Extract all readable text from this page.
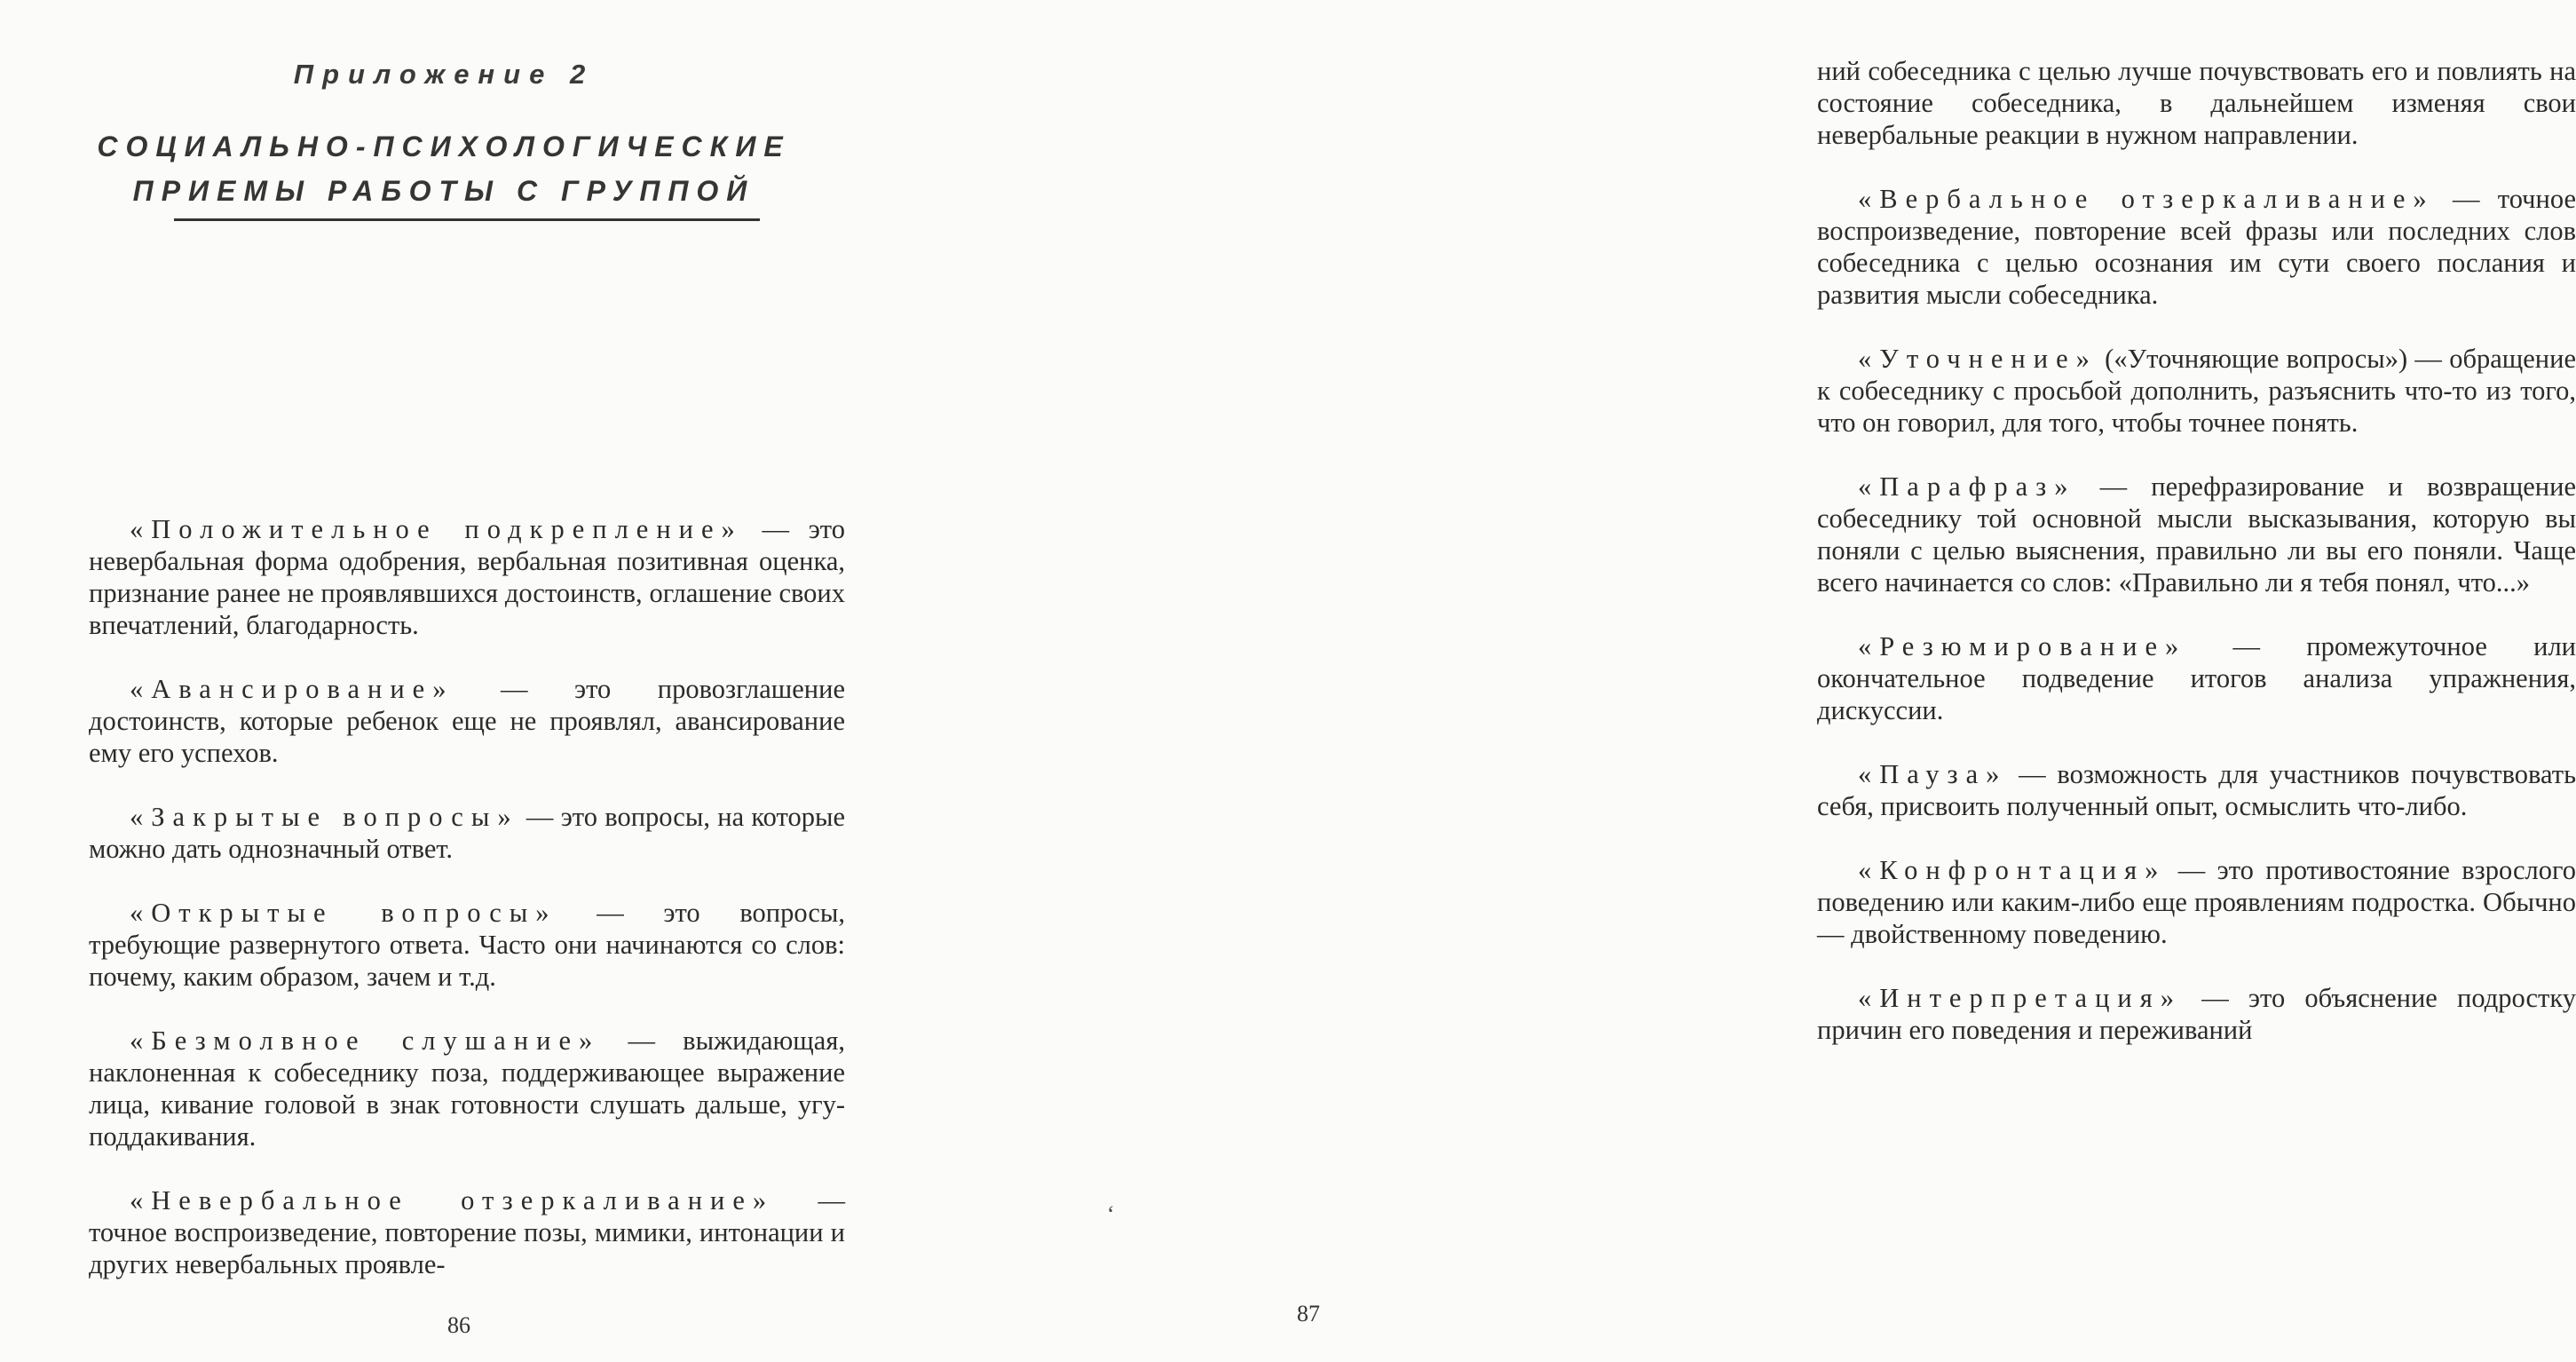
Приложение 2
СОЦИАЛЬНО-ПСИХОЛОГИЧЕСКИЕ
ПРИЕМЫ РАБОТЫ С ГРУППОЙ

«Положительное подкрепление» — это невербальная форма одобрения, вербальная позитивная оценка, признание ранее не проявлявшихся достоинств, оглашение своих впечатлений, благодарность.

«Авансирование» — это провозглашение достоинств, которые ребенок еще не проявлял, авансирование ему его успехов.

«Закрытые вопросы» — это вопросы, на которые можно дать однозначный ответ.

«Открытые вопросы» — это вопросы, требующие развернутого ответа. Часто они начинаются со слов: почему, каким образом, зачем и т.д.

«Безмолвное слушание» — выжидающая, наклоненная к собеседнику поза, поддерживающее выражение лица, кивание головой в знак готовности слушать дальше, угу-поддакивания.

«Невербальное отзеркаливание» — точное воспроизведение, повторение позы, мимики, интонации и других невербальных проявле-

86

ний собеседника с целью лучше почувствовать его и повлиять на состояние собеседника, в дальнейшем изменяя свои невербальные реакции в нужном направлении.

«Вербальное отзеркаливание» — точное воспроизведение, повторение всей фразы или последних слов собеседника с целью осознания им сути своего послания и развития мысли собеседника.

«Уточнение» («Уточняющие вопросы») — обращение к собеседнику с просьбой дополнить, разъяснить что-то из того, что он говорил, для того, чтобы точнее понять.

«Парафраз» — перефразирование и возвращение собеседнику той основной мысли высказывания, которую вы поняли с целью выяснения, правильно ли вы его поняли. Чаще всего начинается со слов: «Правильно ли я тебя понял, что...»

«Резюмирование» — промежуточное или окончательное подведение итогов анализа упражнения, дискуссии.

«Пауза» — возможность для участников почувствовать себя, присвоить полученный опыт, осмыслить что-либо.

«Конфронтация» — это противостояние взрослого поведению или каким-либо еще проявлениям подростка. Обычно — двойственному поведению.

«Интерпретация» — это объяснение подростку причин его поведения и переживаний

‘

87
